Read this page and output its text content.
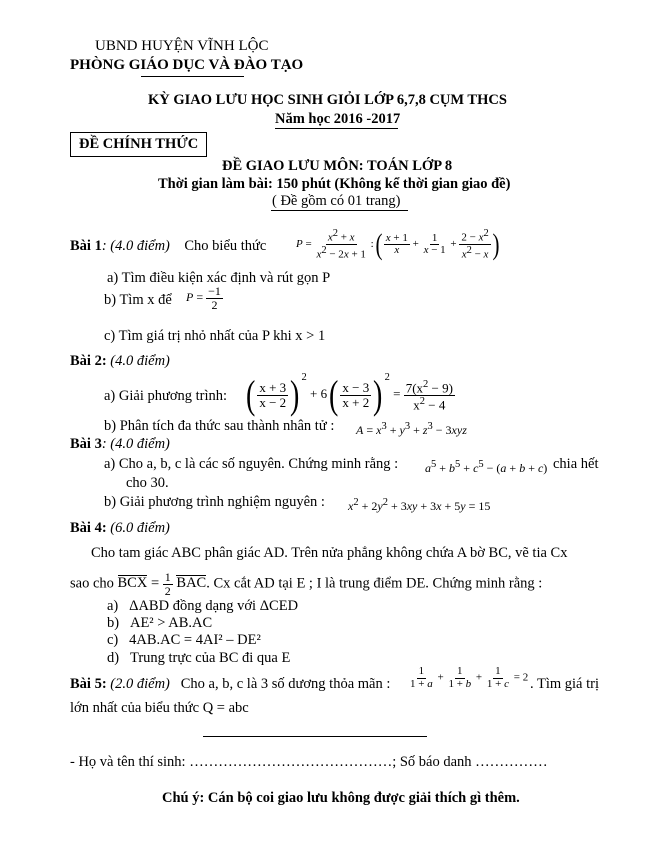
UBND HUYỆN VĨNH LỘC
PHÒNG GIÁO DỤC VÀ ĐÀO TẠO
KỲ GIAO LƯU HỌC SINH GIỎI LỚP 6,7,8 CỤM THCS
Năm học 2016 -2017
ĐỀ CHÍNH THỨC
ĐỀ GIAO LƯU MÔN: TOÁN LỚP 8
Thời gian làm bài: 150 phút (Không kể thời gian giao đề)
( Đề gồm có 01 trang)
Bài 1: (4.0 điểm) Cho biểu thức	$P = \frac{x^2 + x}{x^2 - 2x + 1}$ :( $\frac{x + 1}{x} + \frac{1}{x - 1} + \frac{2 - x^2}{x^2 - x}$ )
a) Tìm điều kiện xác định và rút gọn P
b) Tìm x để $P = \frac{-1}{2}$
c) Tìm giá trị nhỏ nhất của P khi x > 1
Bài 2: (4.0 điểm)
a) Giải phương trình: ( $\frac{x + 3}{x - 2}$ ) $^2 + 6( \frac{x - 3}{x + 2}$ ) $^2 = \frac{7(x^2 - 9)}{x^2 - 4}$
b) Phân tích đa thức sau thành nhân tử : $A = x^3 + y^3 + z^3 - 3xyz$
Bài 3: (4.0 điểm)
a) Cho a, b, c là các số nguyên. Chứng minh rằng : $a^5 + b^5 + c^5 - (a + b + c)$ chia hết
cho 30.
b) Giải phương trình nghiệm nguyên : $x^2 + 2y^2 + 3xy + 3x + 5y = 15$
Bài 4: (6.0 điểm)
Cho tam giác ABC phân giác AD. Trên nửa phẳng không chứa A bờ BC, vẽ tia Cx
sao cho BCX = $\frac{1}{2}$ BAC. Cx cắt AD tại E ; I là trung điểm DE. Chứng minh rằng :
a) ΔABD đồng dạng với ΔCED
b) AE² > AB.AC
c) 4AB.AC = 4AI² – DE²
d) Trung trực của BC đi qua E
Bài 5: (2.0 điểm) Cho a, b, c là 3 số dương thỏa mãn : $\frac{1}{1 + a} + \frac{1}{1 + b} + \frac{1}{1 + c} = 2$ . Tìm giá trị
lớn nhất của biểu thức Q = abc
- Họ và tên thí sinh: ……………………………………; Số báo danh ……………
Chú ý: Cán bộ coi giao lưu không được giải thích gì thêm.
